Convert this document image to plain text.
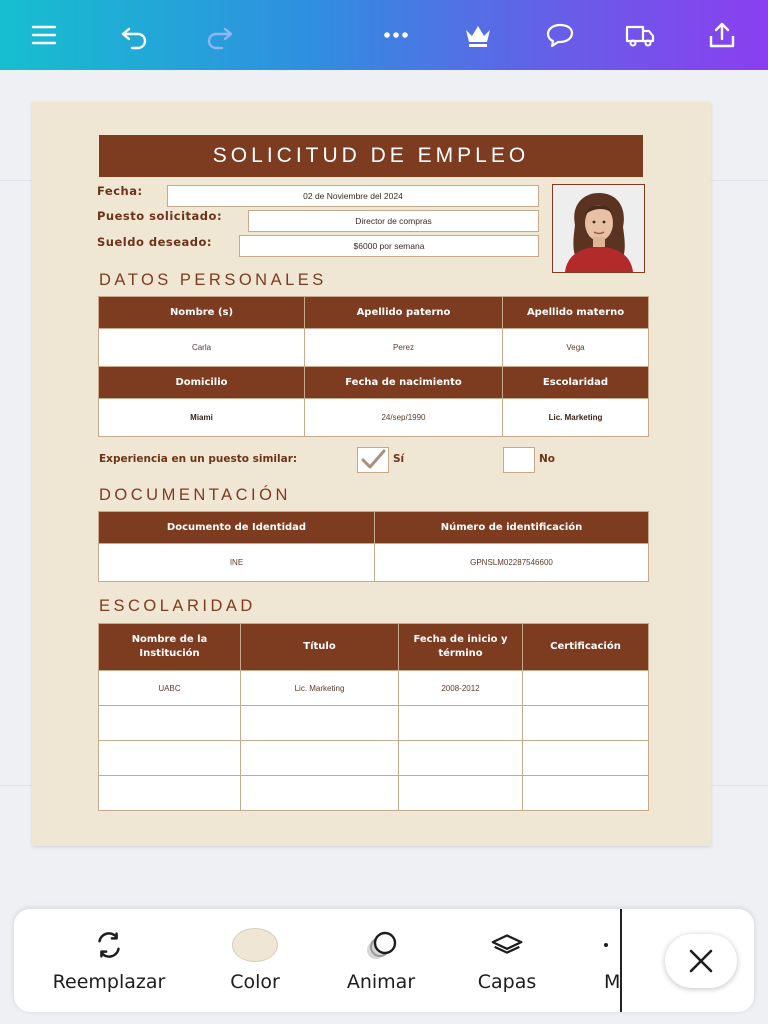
SOLICITUD DE EMPLEO
Fecha:	02 de Noviembre del 2024
Puesto solicitado:	Director de compras
Sueldo deseado:	$6000 por semana
DATOS PERSONALES
Nombre (s)	Apellido paterno	Apellido materno
Carla	Perez	Vega
Domicilio	Fecha de nacimiento	Escolaridad
Miami	24/sep/1990	Lic. Marketing
Experiencia en un puesto similar:	Sí	No
DOCUMENTACIÓN
Documento de Identidad	Número de identificación
INE	GPNSLM02287546600
ESCOLARIDAD
Nombre de la Institución	Título	Fecha de inicio y término	Certificación
UABC	Lic. Marketing	2008-2012	

Reemplazar	Color	Animar	Capas	M
